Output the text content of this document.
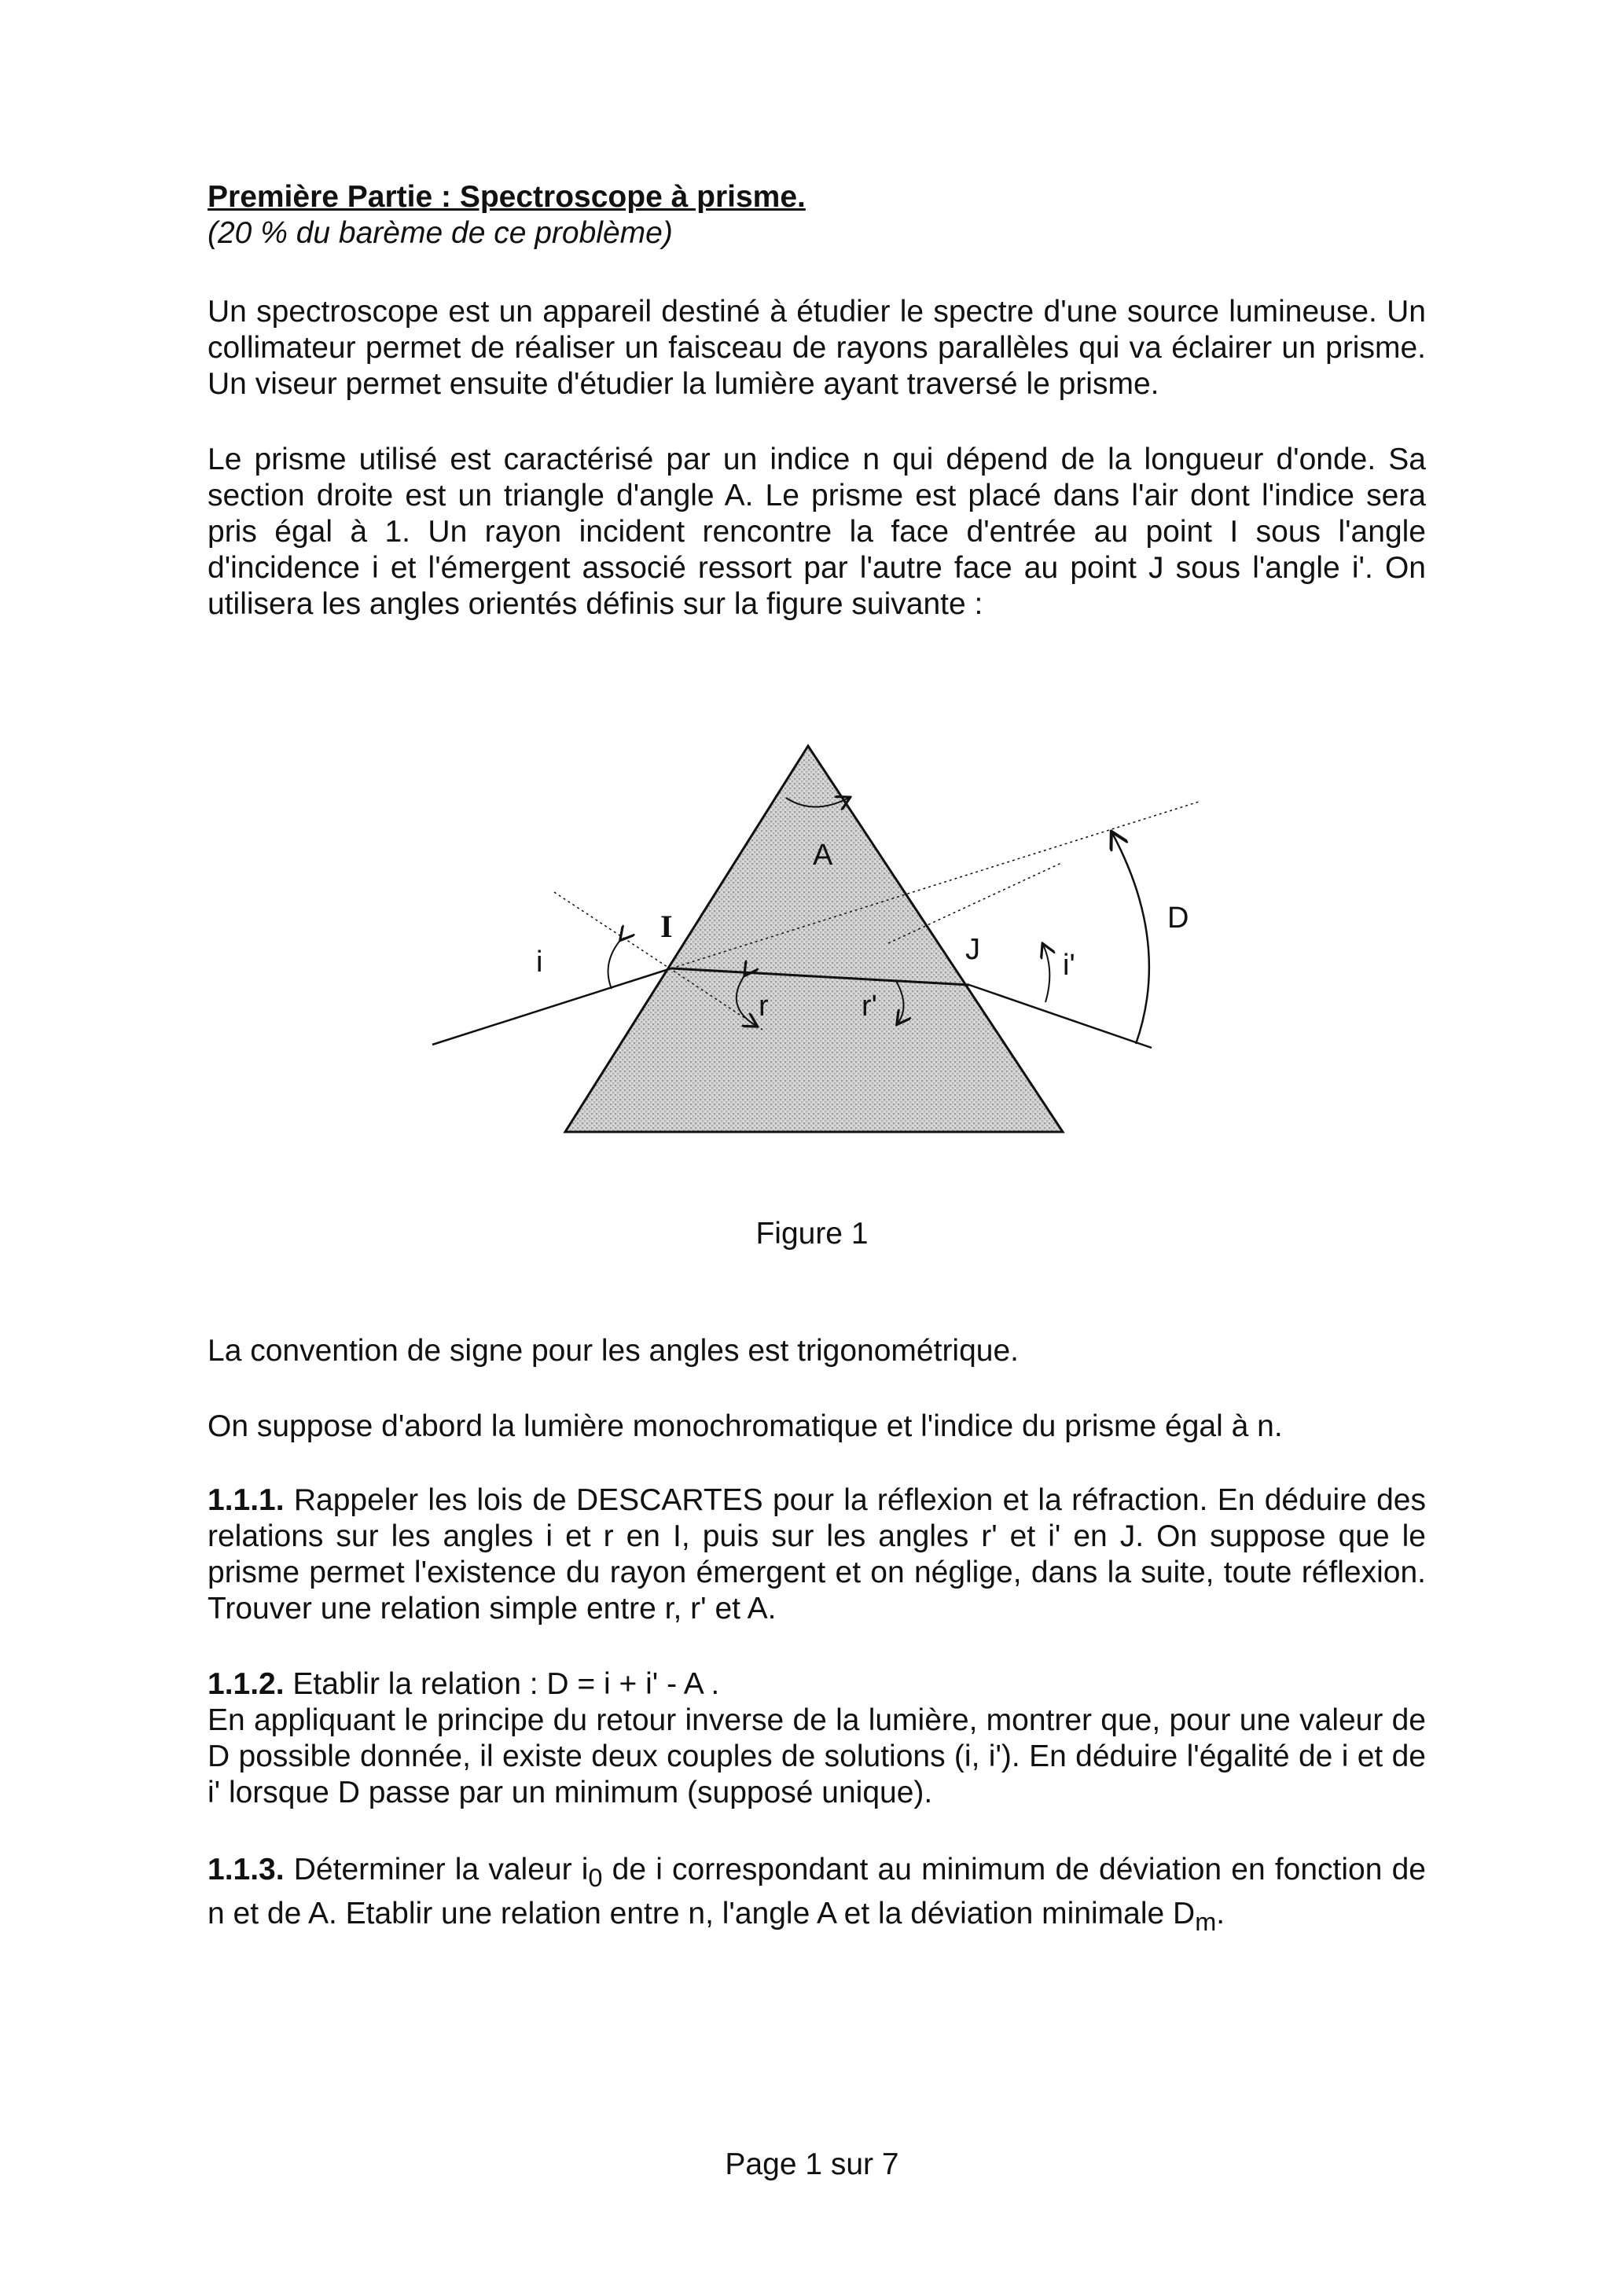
Première Partie : Spectroscope à prisme.
(20 % du barème de ce problème)
Un spectroscope est un appareil destiné à étudier le spectre d'une source lumineuse. Un collimateur permet de réaliser un faisceau de rayons parallèles qui va éclairer un prisme. Un viseur permet ensuite d'étudier la lumière ayant traversé le prisme.
Le prisme utilisé est caractérisé par un indice n qui dépend de la longueur d'onde. Sa section droite est un triangle d'angle A. Le prisme est placé dans l'air dont l'indice sera pris égal à 1. Un rayon incident rencontre la face d'entrée au point I sous l'angle d'incidence i et l'émergent associé ressort par l'autre face au point J sous l'angle i'. On utilisera les angles orientés définis sur la figure suivante :
A
I
J
i
r	r'
i'
D
Figure 1
La convention de signe pour les angles est trigonométrique.
On suppose d'abord la lumière monochromatique et l'indice du prisme égal à n.
1.1.1. Rappeler les lois de DESCARTES pour la réflexion et la réfraction. En déduire des relations sur les angles i et r en I, puis sur les angles r' et i' en J. On suppose que le prisme permet l'existence du rayon émergent et on néglige, dans la suite, toute réflexion. Trouver une relation simple entre r, r' et A.
1.1.2. Etablir la relation : D = i + i' - A .
En appliquant le principe du retour inverse de la lumière, montrer que, pour une valeur de D possible donnée, il existe deux couples de solutions (i, i'). En déduire l'égalité de i et de i' lorsque D passe par un minimum (supposé unique).
1.1.3. Déterminer la valeur $i_0$ de i correspondant au minimum de déviation en fonction de n et de A. Etablir une relation entre n, l'angle A et la déviation minimale $D_m$.
Page 1 sur 7
